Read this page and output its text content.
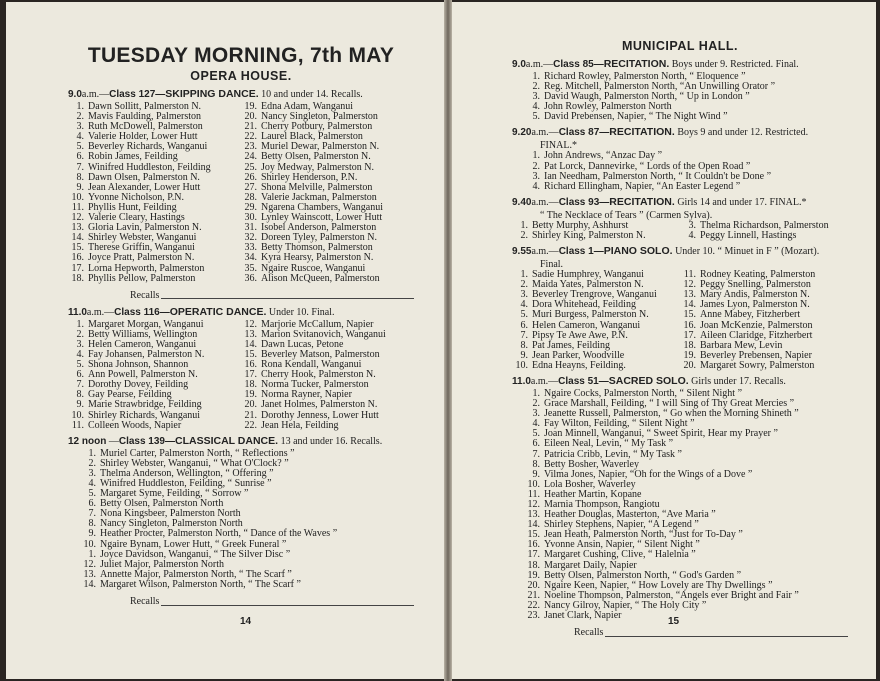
TUESDAY MORNING, 7th MAY
OPERA HOUSE.
9.0a.m.—Class 127—SKIPPING DANCE. 10 and under 14. Recalls.
1. Dawn Sollitt, Palmerston N.
2. Mavis Faulding, Palmerston
3. Ruth McDowell, Palmerston
4. Valerie Holder, Lower Hutt
5. Beverley Richards, Wanganui
6. Robin James, Feilding
7. Winifred Huddleston, Feilding
8. Dawn Olsen, Palmerston N.
9. Jean Alexander, Lower Hutt
10. Yvonne Nicholson, P.N.
11. Phyllis Hunt, Feilding
12. Valerie Cleary, Hastings
13. Gloria Lavin, Palmerston N.
14. Shirley Webster, Wanganui
15. Therese Griffin, Wanganui
16. Joyce Pratt, Palmerston N.
17. Lorna Hepworth, Palmerston
18. Phyllis Pellow, Palmerston
19. Edna Adam, Wanganui
20. Nancy Singleton, Palmerston
21. Cherry Potbury, Palmerston
22. Laurel Black, Palmerston
23. Muriel Dewar, Palmerston N.
24. Betty Olsen, Palmerston N.
25. Joy Medway, Palmerston N.
26. Shirley Henderson, P.N.
27. Shona Melville, Palmerston
28. Valerie Jackman, Palmerston
29. Ngarena Chambers, Wanganui
30. Lynley Wainscott, Lower Hutt
31. Isobel Anderson, Palmerston
32. Doreen Tyley, Palmerston N.
33. Betty Thomson, Palmerston
34. Kyra Hearsy, Palmerston N.
35. Ngaire Ruscoe, Wanganui
36. Alison McQueen, Palmerston
Recalls
11.0a.m.—Class 116—OPERATIC DANCE. Under 10. Final.
1. Margaret Morgan, Wanganui
2. Betty Williams, Wellington
3. Helen Cameron, Wanganui
4. Fay Johansen, Palmerston N.
5. Shona Johnson, Shannon
6. Ann Powell, Palmerston N.
7. Dorothy Dovey, Feilding
8. Gay Pearse, Feilding
9. Marie Strawbridge, Feilding
10. Shirley Richards, Wanganui
11. Colleen Woods, Napier
12. Marjorie McCallum, Napier
13. Marion Svitanovich, Wanganui
14. Dawn Lucas, Petone
15. Beverley Matson, Palmerston
16. Rona Kendall, Wanganui
17. Cherry Hook, Palmerston N.
18. Norma Tucker, Palmerston
19. Norma Rayner, Napier
20. Janet Holmes, Palmerston N.
21. Dorothy Jenness, Lower Hutt
22. Jean Hela, Feilding
12 noon —Class 139—CLASSICAL DANCE. 13 and under 16. Recalls.
1. Muriel Carter, Palmerston North, “ Reflections ”
2. Shirley Webster, Wanganui, “ What O'Clock? ”
3. Thelma Anderson, Wellington, “ Offering ”
4. Winifred Huddleston, Feilding, “ Sunrise ”
5. Margaret Syme, Feilding, “ Sorrow ”
6. Betty Olsen, Palmerston North
7. Nona Kingsbeer, Palmerston North
8. Nancy Singleton, Palmerston North
9. Heather Procter, Palmerston North, “ Dance of the Waves ”
10. Ngaire Bynam, Lower Hutt, “ Greek Funeral ”
1. Joyce Davidson, Wanganui, “ The Silver Disc ”
12. Juliet Major, Palmerston North
13. Annette Major, Palmerston North, “ The Scarf ”
14. Margaret Wilson, Palmerston North, “ The Scarf ”
Recalls
14
MUNICIPAL HALL.
9.0a.m.—Class 85—RECITATION. Boys under 9. Restricted. Final.
1. Richard Rowley, Palmerston North, “ Eloquence ”
2. Reg. Mitchell, Palmerston North, “An Unwilling Orator ”
3. David Waugh, Palmerston North, “ Up in London ”
4. John Rowley, Palmerston North
5. David Prebensen, Napier, “ The Night Wind ”
9.20a.m.—Class 87—RECITATION. Boys 9 and under 12. Restricted.
FINAL.*
1. John Andrews, “Anzac Day ”
2. Pat Lorck, Dannevirke, “ Lords of the Open Road ”
3. Ian Needham, Palmerston North, “ It Couldn't be Done ”
4. Richard Ellingham, Napier, “An Easter Legend ”
9.40a.m.—Class 93—RECITATION. Girls 14 and under 17. FINAL.*
“ The Necklace of Tears ” (Carmen Sylva).
1. Betty Murphy, Ashhurst
2. Shirley King, Palmerston N.
3. Thelma Richardson, Palmerston
4. Peggy Linnell, Hastings
9.55a.m.—Class 1—PIANO SOLO. Under 10. “ Minuet in F ” (Mozart).
Final.
1. Sadie Humphrey, Wanganui
2. Maida Yates, Palmerston N.
3. Beverley Trengrove, Wanganui
4. Dora Whitehead, Feilding
5. Muri Burgess, Palmerston N.
6. Helen Cameron, Wanganui
7. Pipsy Te Awe Awe, P.N.
8. Pat James, Feilding
9. Jean Parker, Woodville
10. Edna Heayns, Feilding.
11. Rodney Keating, Palmerston
12. Peggy Snelling, Palmerston
13. Mary Andis, Palmerston N.
14. James Lyon, Palmerston N.
15. Anne Mabey, Fitzherbert
16. Joan McKenzie, Palmerston
17. Aileen Claridge, Fitzherbert
18. Barbara Mew, Levin
19. Beverley Prebensen, Napier
20. Margaret Sowry, Palmerston
11.0a.m.—Class 51—SACRED SOLO. Girls under 17. Recalls.
1. Ngaire Cocks, Palmerston North, “ Silent Night ”
2. Grace Marshall, Feilding, “ I will Sing of Thy Great Mercies ”
3. Jeanette Russell, Palmerston, “ Go when the Morning Shineth ”
4. Fay Wilton, Feilding, “ Silent Night ”
5. Joan Minnell, Wanganui, “ Sweet Spirit, Hear my Prayer ”
6. Eileen Neal, Levin, “ My Task ”
7. Patricia Cribb, Levin, “ My Task ”
8. Betty Bosher, Waverley
9. Vilma Jones, Napier, “Oh for the Wings of a Dove ”
10. Lola Bosher, Waverley
11. Heather Martin, Kopane
12. Marnia Thompson, Rangiotu
13. Heather Douglas, Masterton, “Ave Maria ”
14. Shirley Stephens, Napier, “A Legend ”
15. Jean Heath, Palmerston North, “Just for To-Day ”
16. Yvonne Ansin, Napier, “ Silent Night ”
17. Margaret Cushing, Clive, “ Halelnia ”
18. Margaret Daily, Napier
19. Betty Olsen, Palmerston North, “ God's Garden ”
20. Ngaire Keen, Napier, “ How Lovely are Thy Dwellings ”
21. Noeline Thompson, Palmerston, “Angels ever Bright and Fair ”
22. Nancy Gilroy, Napier, “ The Holy City ”
23. Janet Clark, Napier
Recalls
15
